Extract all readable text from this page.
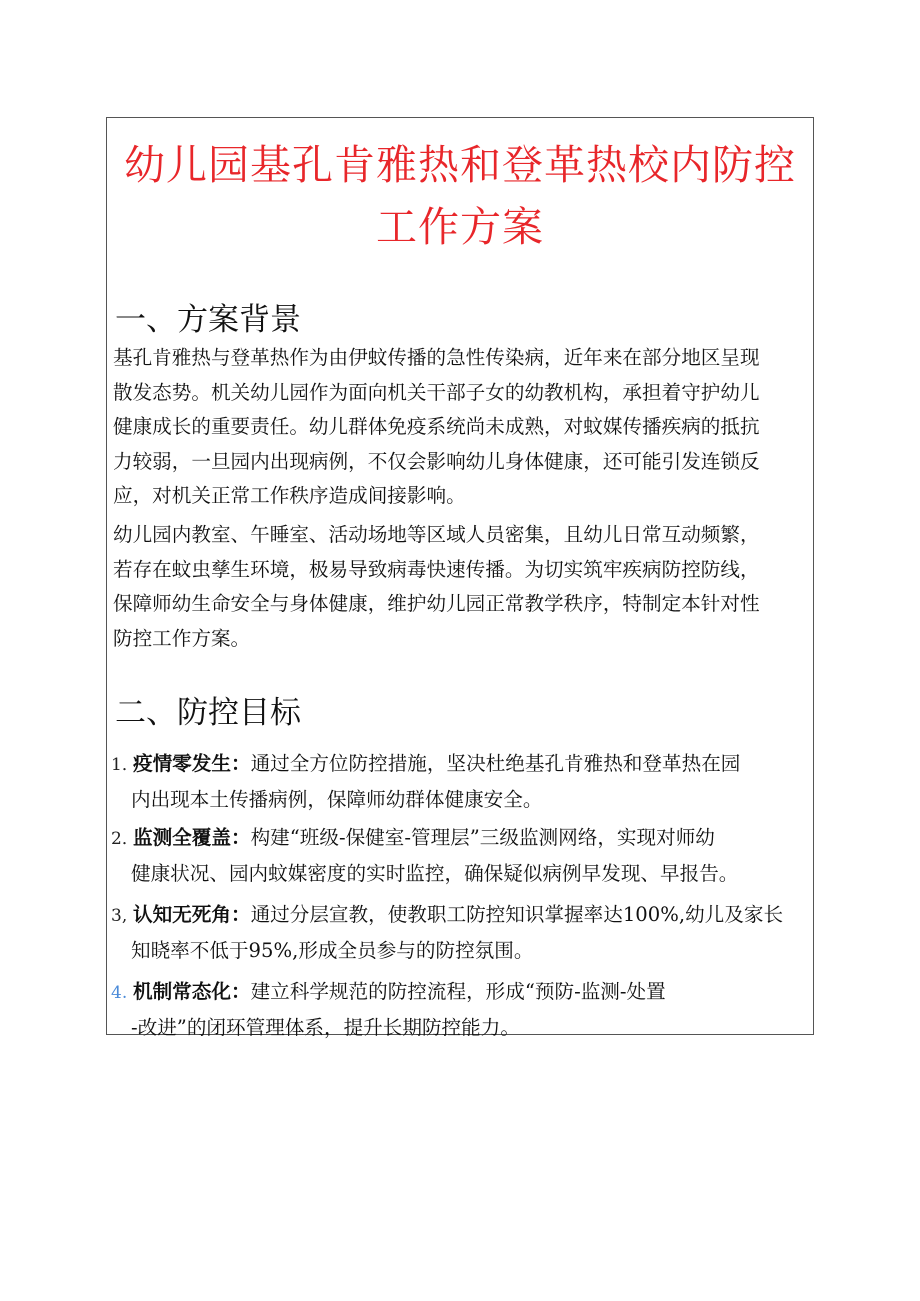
幼儿园基孔肯雅热和登革热校内防控
工作方案
一、方案背景
基孔肯雅热与登革热作为由伊蚊传播的急性传染病，近年来在部分地区呈现
散发态势。机关幼儿园作为面向机关干部子女的幼教机构，承担着守护幼儿
健康成长的重要责任。幼儿群体免疫系统尚未成熟，对蚊媒传播疾病的抵抗
力较弱，一旦园内出现病例，不仅会影响幼儿身体健康，还可能引发连锁反
应，对机关正常工作秩序造成间接影响。
幼儿园内教室、午睡室、活动场地等区域人员密集，且幼儿日常互动频繁，
若存在蚊虫孳生环境，极易导致病毒快速传播。为切实筑牢疾病防控防线，
保障师幼生命安全与身体健康，维护幼儿园正常教学秩序，特制定本针对性
防控工作方案。
二、防控目标
1．疫情零发生：通过全方位防控措施，坚决杜绝基孔肯雅热和登革热在园
内出现本土传播病例，保障师幼群体健康安全。
2．监测全覆盖：构建“班级-保健室-管理层”三级监测网络，实现对师幼
健康状况、园内蚊媒密度的实时监控，确保疑似病例早发现、早报告。
3, 认知无死角：通过分层宣教，使教职工防控知识掌握率达100%,幼儿及家长
知晓率不低于95%,形成全员参与的防控氛围。
4. 机制常态化：建立科学规范的防控流程，形成“预防-监测-处置
-改进”的闭环管理体系，提升长期防控能力。
